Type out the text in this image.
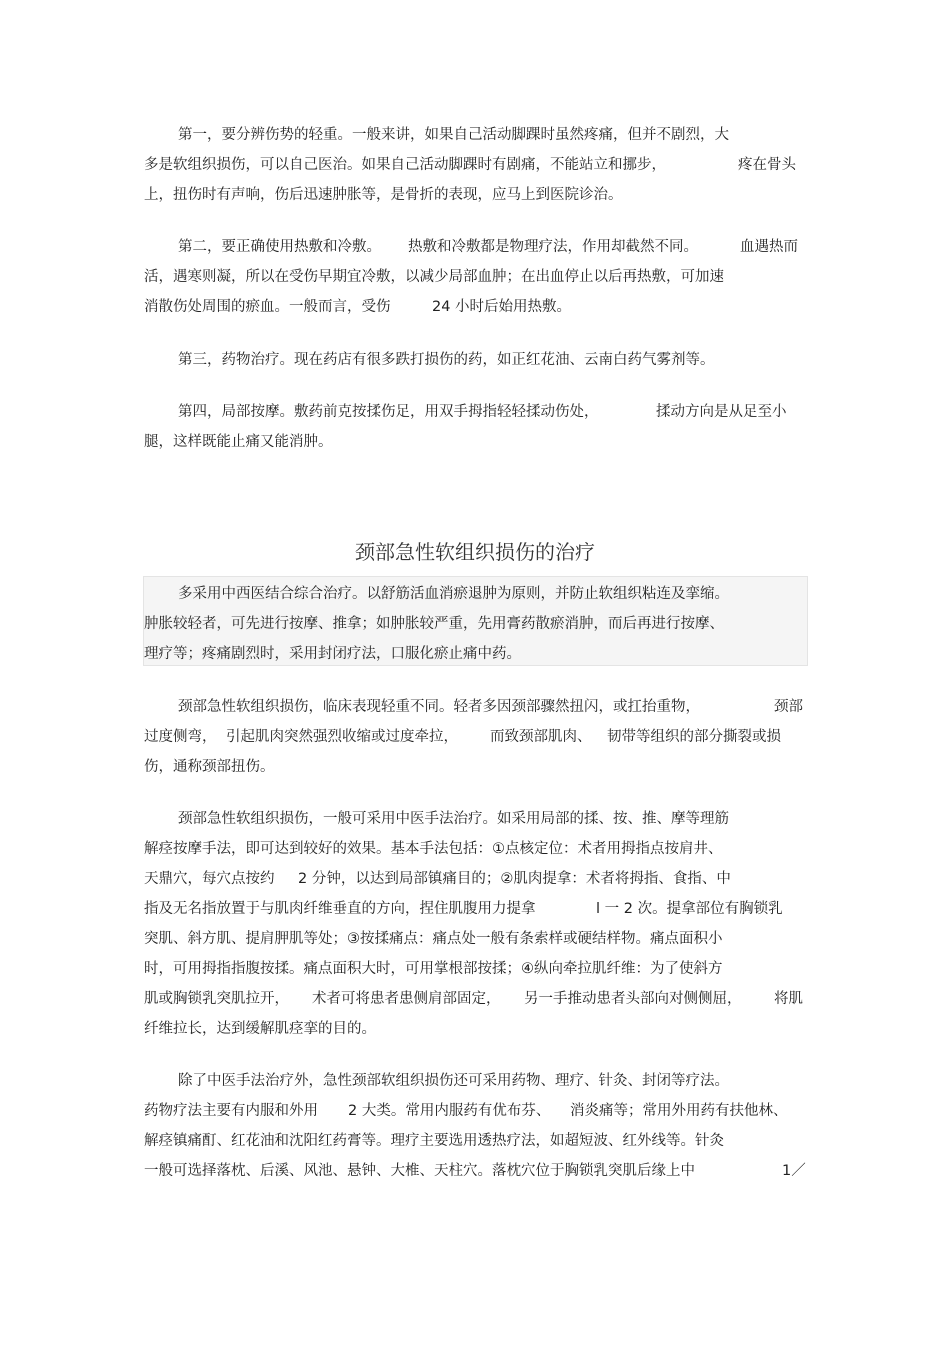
第一，要分辨伤势的轻重。一般来讲，如果自己活动脚踝时虽然疼痛，但并不剧烈，大
多是软组织损伤，可以自己医治。如果自己活动脚踝时有剧痛，不能站立和挪步，	疼在骨头
上，扭伤时有声响，伤后迅速肿胀等，是骨折的表现，应马上到医院诊治。
第二，要正确使用热敷和冷敷。 热敷和冷敷都是物理疗法，作用却截然不同。	血遇热而
活，遇寒则凝，所以在受伤早期宜冷敷，以减少局部血肿；在出血停止以后再热敷，可加速
消散伤处周围的瘀血。一般而言，受伤	24 小时后始用热敷。
第三，药物治疗。现在药店有很多跌打损伤的药，如正红花油、云南白药气雾剂等。
第四，局部按摩。敷药前克按揉伤足，用双手拇指轻轻揉动伤处，	揉动方向是从足至小
腿，这样既能止痛又能消肿。
颈部急性软组织损伤的治疗
多采用中西医结合综合治疗。以舒筋活血消瘀退肿为原则，并防止软组织粘连及挛缩。
肿胀较轻者，可先进行按摩、推拿；如肿胀较严重，先用膏药散瘀消肿，而后再进行按摩、
理疗等；疼痛剧烈时，采用封闭疗法，口服化瘀止痛中药。
颈部急性软组织损伤，临床表现轻重不同。轻者多因颈部骤然扭闪，或扛抬重物，	颈部
过度侧弯， 引起肌肉突然强烈收缩或过度牵拉， 而致颈部肌肉、 韧带等组织的部分撕裂或损
伤，通称颈部扭伤。
颈部急性软组织损伤，一般可采用中医手法治疗。如采用局部的揉、按、推、摩等理筋
解痉按摩手法，即可达到较好的效果。基本手法包括：①点核定位：术者用拇指点按肩井、
天鼎穴，每穴点按约 2 分钟，以达到局部镇痛目的；②肌肉提拿：术者将拇指、食指、中
指及无名指放置于与肌肉纤维垂直的方向，捏住肌腹用力提拿	l 一 2 次。提拿部位有胸锁乳
突肌、斜方肌、提肩胛肌等处；③按揉痛点：痛点处一般有条索样或硬结样物。痛点面积小
时，可用拇指指腹按揉。痛点面积大时，可用掌根部按揉；④纵向牵拉肌纤维：为了使斜方
肌或胸锁乳突肌拉开， 术者可将患者患侧肩部固定， 另一手推动患者头部向对侧侧屈， 将肌
纤维拉长，达到缓解肌痉挛的目的。
除了中医手法治疗外，急性颈部软组织损伤还可采用药物、理疗、针灸、封闭等疗法。
药物疗法主要有内服和外用 2 大类。常用内服药有优布芬、 消炎痛等；常用外用药有扶他林、
解痉镇痛酊、红花油和沈阳红药膏等。理疗主要选用透热疗法，如超短波、红外线等。针灸
一般可选择落枕、后溪、风池、悬钟、大椎、天柱穴。落枕穴位于胸锁乳突肌后缘上中	1／
